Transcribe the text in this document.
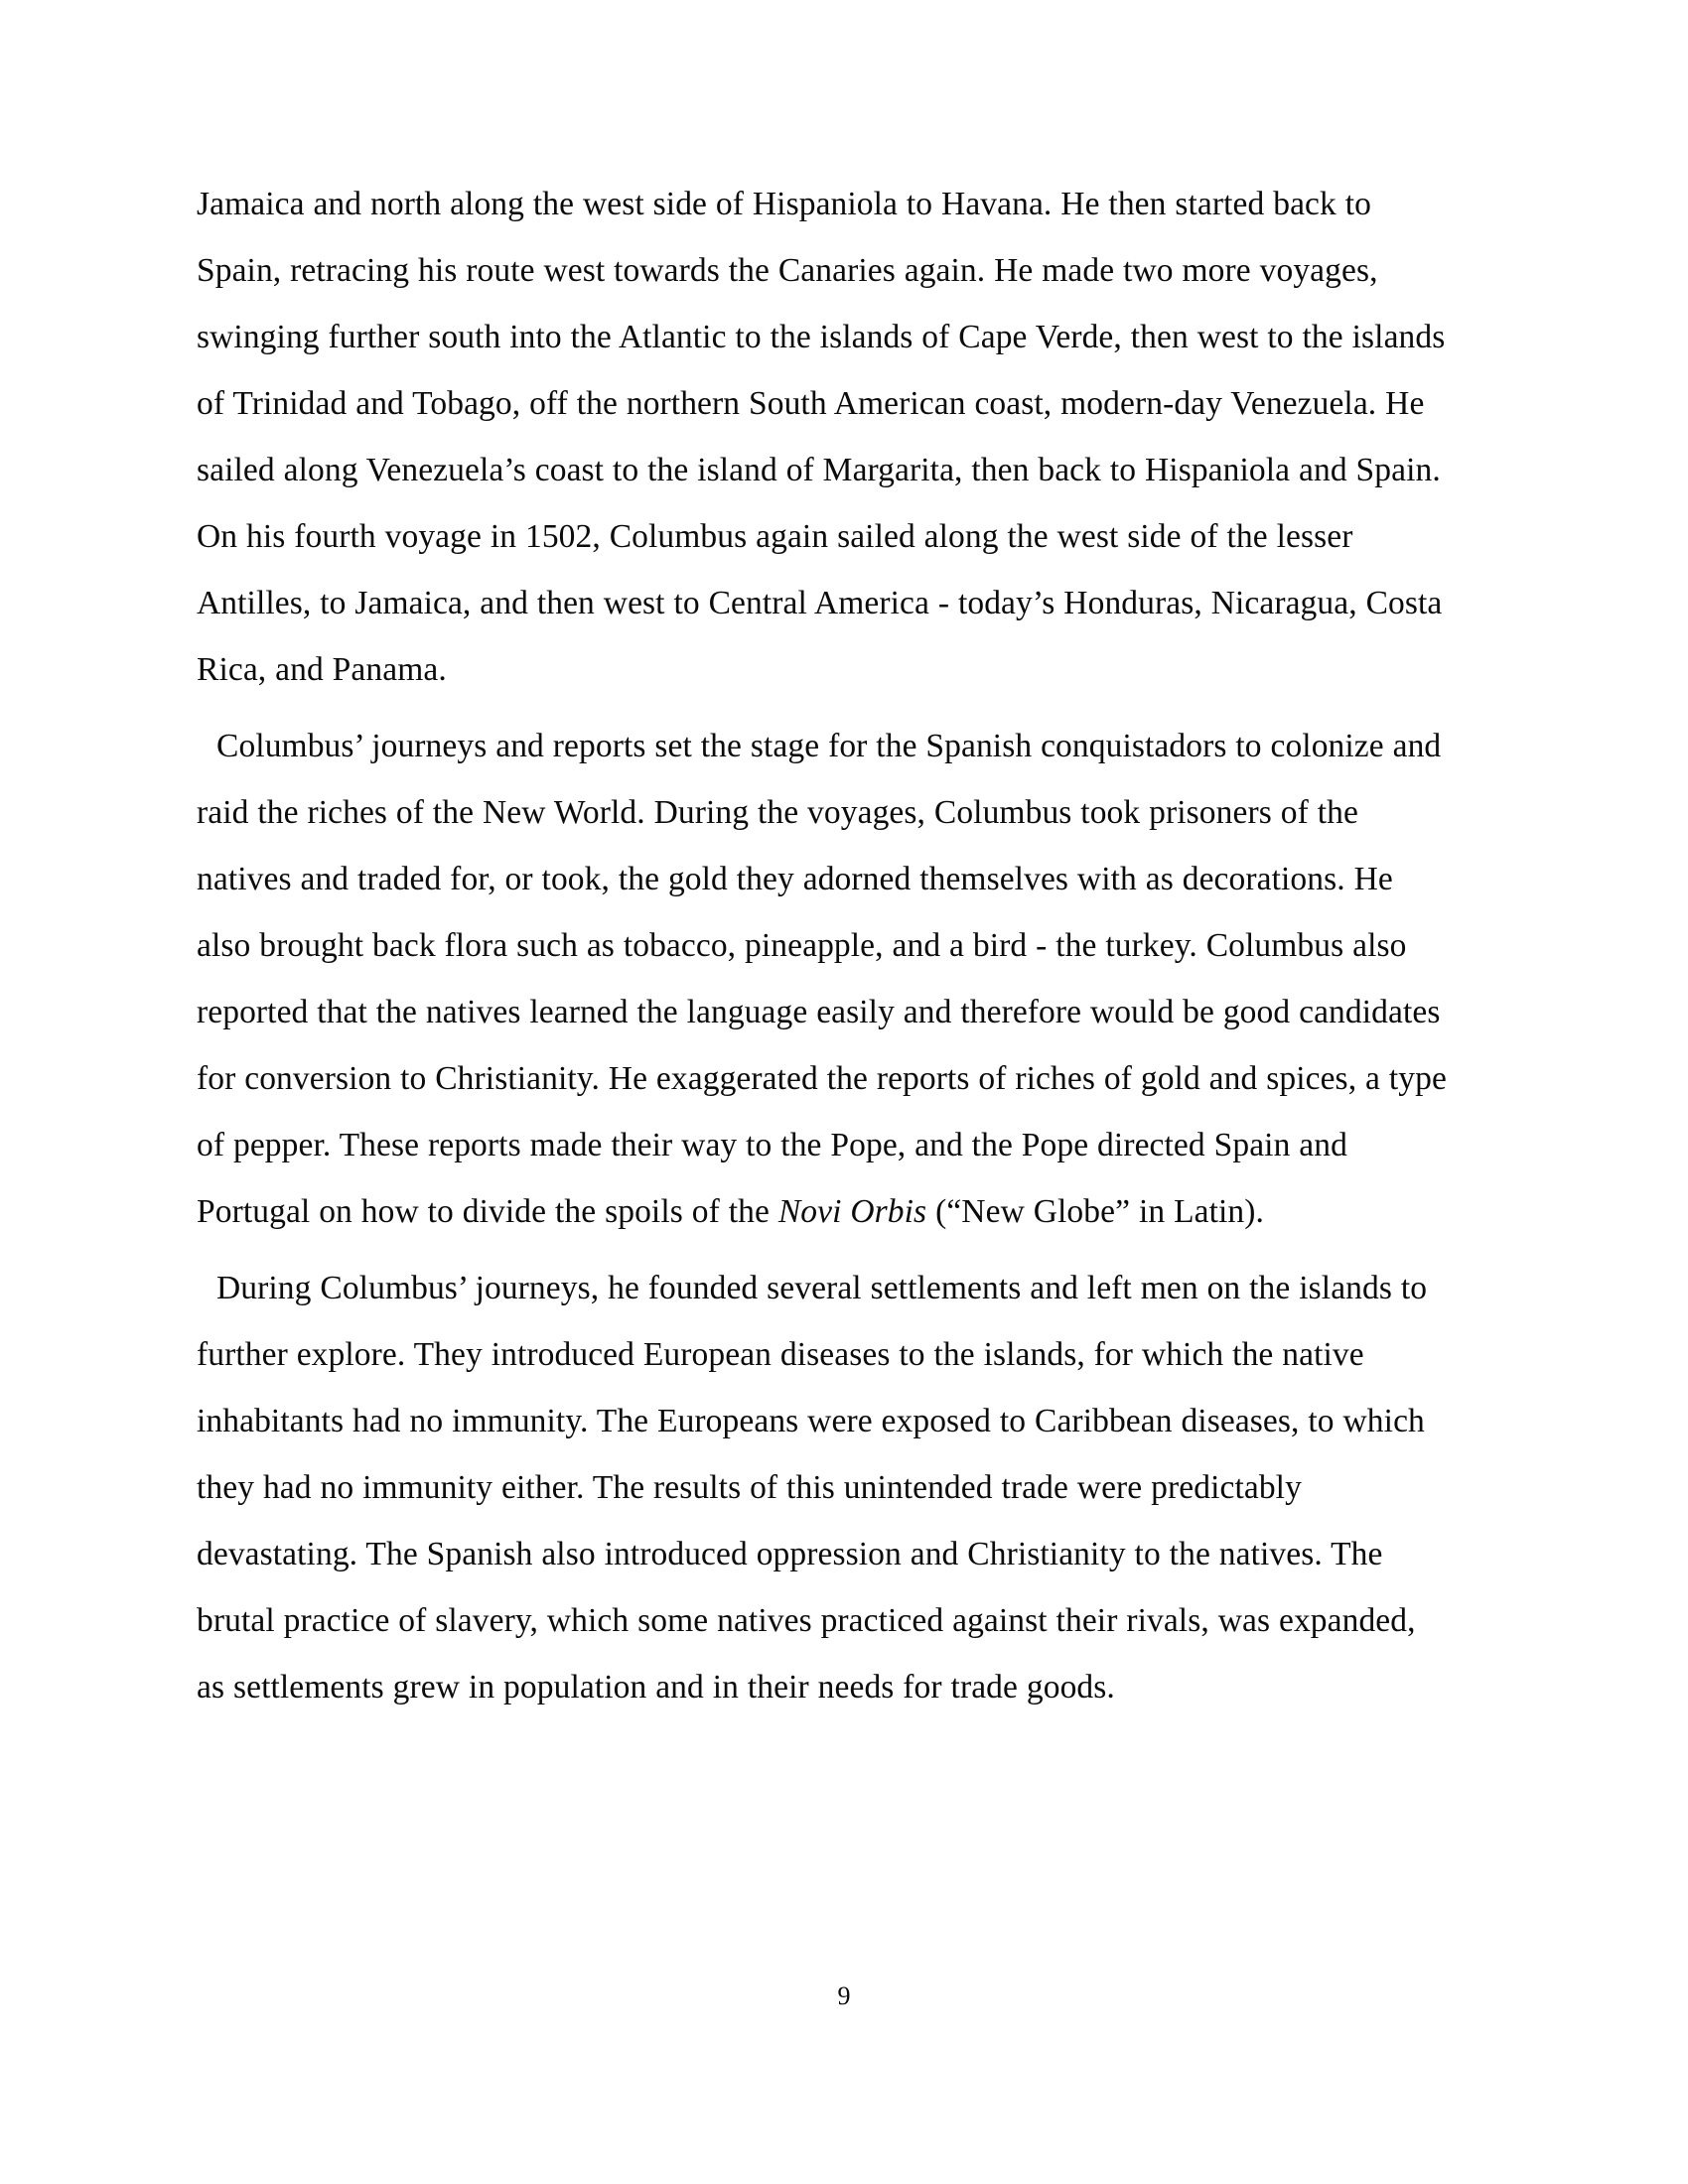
Jamaica and north along the west side of Hispaniola to Havana. He then started back to Spain, retracing his route west towards the Canaries again. He made two more voyages, swinging further south into the Atlantic to the islands of Cape Verde, then west to the islands of Trinidad and Tobago, off the northern South American coast, modern-day Venezuela. He sailed along Venezuela’s coast to the island of Margarita, then back to Hispaniola and Spain. On his fourth voyage in 1502, Columbus again sailed along the west side of the lesser Antilles, to Jamaica, and then west to Central America - today’s Honduras, Nicaragua, Costa Rica, and Panama.

Columbus’ journeys and reports set the stage for the Spanish conquistadors to colonize and raid the riches of the New World. During the voyages, Columbus took prisoners of the natives and traded for, or took, the gold they adorned themselves with as decorations. He also brought back flora such as tobacco, pineapple, and a bird - the turkey. Columbus also reported that the natives learned the language easily and therefore would be good candidates for conversion to Christianity. He exaggerated the reports of riches of gold and spices, a type of pepper. These reports made their way to the Pope, and the Pope directed Spain and Portugal on how to divide the spoils of the Novi Orbis (“New Globe” in Latin).

During Columbus’ journeys, he founded several settlements and left men on the islands to further explore. They introduced European diseases to the islands, for which the native inhabitants had no immunity. The Europeans were exposed to Caribbean diseases, to which they had no immunity either. The results of this unintended trade were predictably devastating. The Spanish also introduced oppression and Christianity to the natives. The brutal practice of slavery, which some natives practiced against their rivals, was expanded, as settlements grew in population and in their needs for trade goods.

9
